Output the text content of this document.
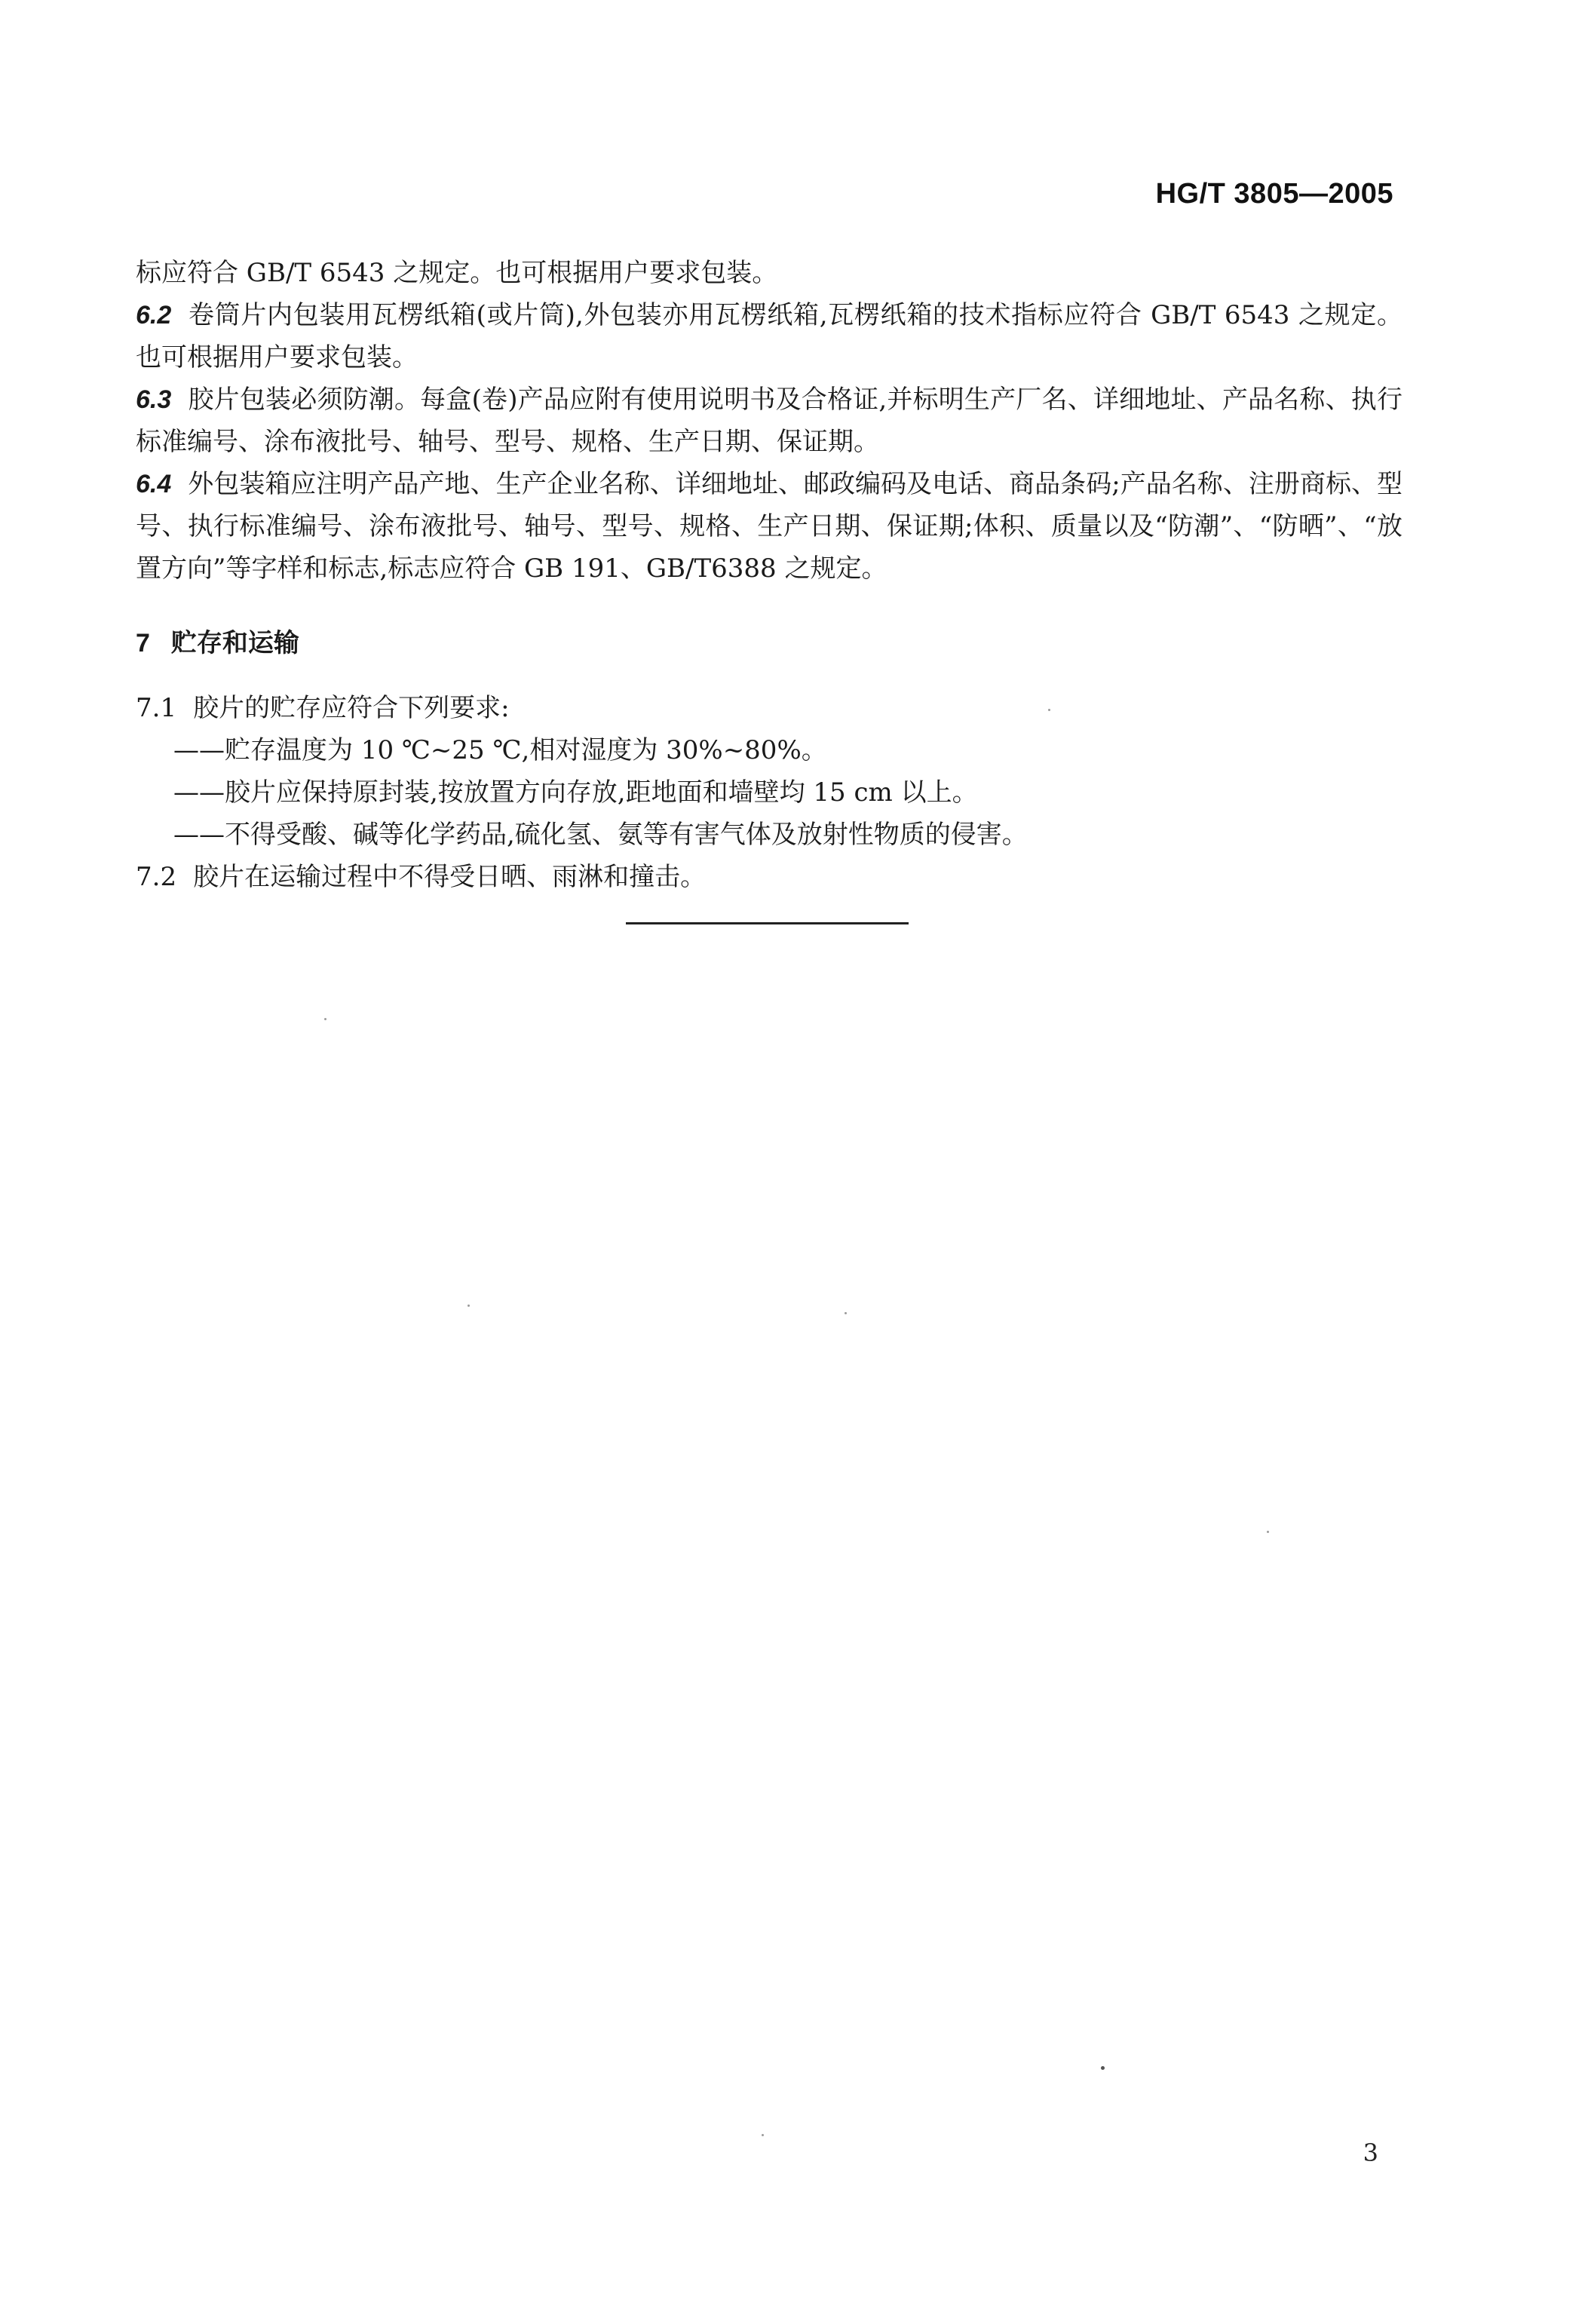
HG/T 3805—2005

标应符合 GB/T 6543 之规定。也可根据用户要求包装。

6.2 卷筒片内包装用瓦楞纸箱(或片筒),外包装亦用瓦楞纸箱,瓦楞纸箱的技术指标应符合 GB/T 6543 之规定。也可根据用户要求包装。

6.3 胶片包装必须防潮。每盒(卷)产品应附有使用说明书及合格证,并标明生产厂名、详细地址、产品名称、执行标准编号、涂布液批号、轴号、型号、规格、生产日期、保证期。

6.4 外包装箱应注明产品产地、生产企业名称、详细地址、邮政编码及电话、商品条码;产品名称、注册商标、型号、执行标准编号、涂布液批号、轴号、型号、规格、生产日期、保证期;体积、质量以及“防潮”、“防晒”、“放置方向”等字样和标志,标志应符合 GB 191、GB/T6388 之规定。

7 贮存和运输

7.1 胶片的贮存应符合下列要求:

——贮存温度为 10 ℃~25 ℃,相对湿度为 30%~80%。

——胶片应保持原封装,按放置方向存放,距地面和墙壁均 15 cm 以上。

——不得受酸、碱等化学药品,硫化氢、氨等有害气体及放射性物质的侵害。

7.2 胶片在运输过程中不得受日晒、雨淋和撞击。

3
